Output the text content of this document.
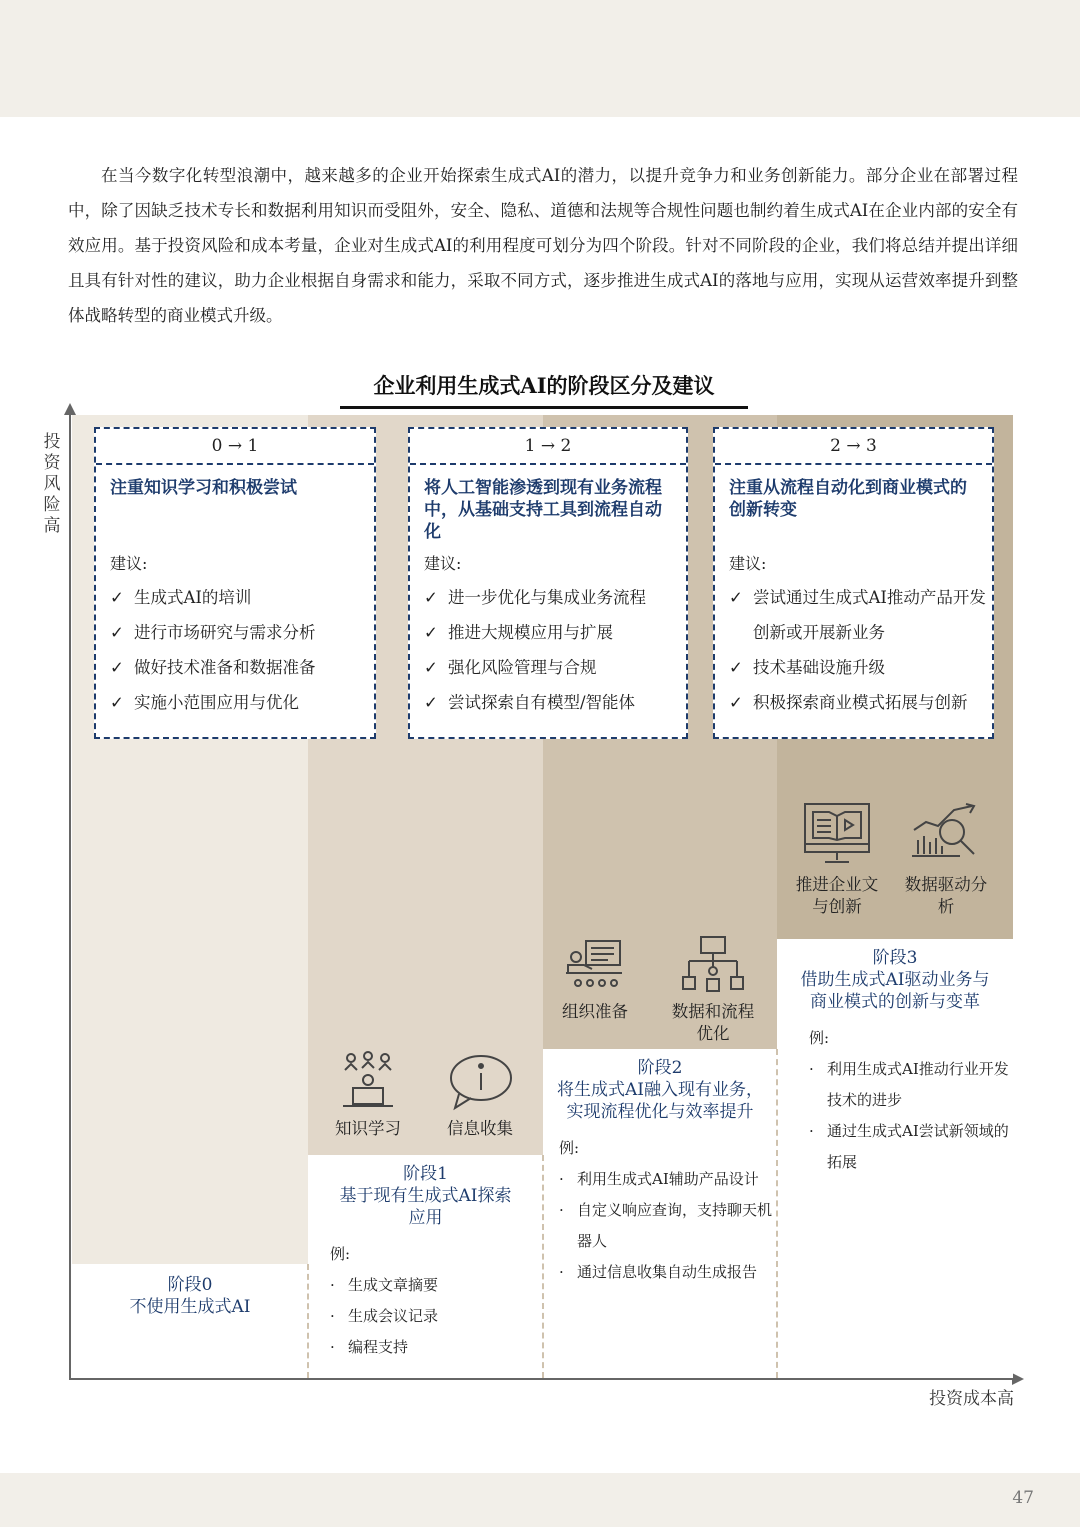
在当今数字化转型浪潮中，越来越多的企业开始探索生成式AI的潜力，以提升竞争力和业务创新能力。部分企业在部署过程中，除了因缺乏技术专长和数据利用知识而受阻外，安全、隐私、道德和法规等合规性问题也制约着生成式AI在企业内部的安全有效应用。基于投资风险和成本考量，企业对生成式AI的利用程度可划分为四个阶段。针对不同阶段的企业，我们将总结并提出详细且具有针对性的建议，助力企业根据自身需求和能力，采取不同方式，逐步推进生成式AI的落地与应用，实现从运营效率提升到整体战略转型的商业模式升级。

企业利用生成式AI的阶段区分及建议
投资风险高
投资成本高
0 → 1
注重知识学习和积极尝试
建议:
✓ 生成式AI的培训
✓ 进行市场研究与需求分析
✓ 做好技术准备和数据准备
✓ 实施小范围应用与优化
1 → 2
将人工智能渗透到现有业务流程中，从基础支持工具到流程自动化
建议:
✓ 进一步优化与集成业务流程
✓ 推进大规模应用与扩展
✓ 强化风险管理与合规
✓ 尝试探索自有模型/智能体
2 → 3
注重从流程自动化到商业模式的创新转变
建议:
✓ 尝试通过生成式AI推动产品开发创新或开展新业务
✓ 技术基础设施升级
✓ 积极探索商业模式拓展与创新
知识学习	信息收集
组织准备	数据和流程优化
推进企业文与创新
数据驱动分析
阶段0
不使用生成式AI
阶段1
基于现有生成式AI探索应用
例:
· 生成文章摘要
· 生成会议记录
· 编程支持
阶段2
将生成式AI融入现有业务，实现流程优化与效率提升
例:
· 利用生成式AI辅助产品设计
· 自定义响应查询，支持聊天机器人
· 通过信息收集自动生成报告
阶段3
借助生成式AI驱动业务与商业模式的创新与变革
例:
· 利用生成式AI推动行业开发技术的进步
· 通过生成式AI尝试新领域的拓展
47
